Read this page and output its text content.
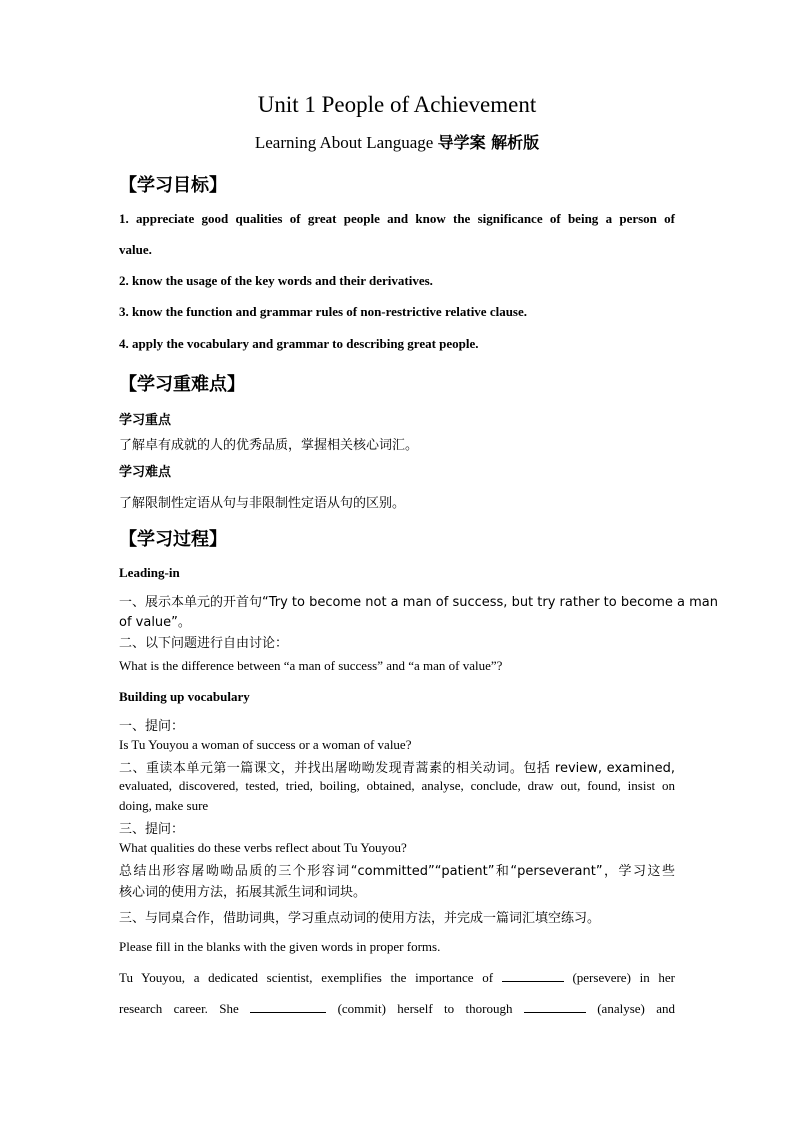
Unit 1 People of Achievement
Learning About Language 导学案 解析版
【学习目标】
1. appreciate good qualities of great people and know the significance of being a person of
value.
2. know the usage of the key words and their derivatives.
3. know the function and grammar rules of non-restrictive relative clause.
4. apply the vocabulary and grammar to describing great people.
【学习重难点】
学习重点
了解卓有成就的人的优秀品质，掌握相关核心词汇。
学习难点
了解限制性定语从句与非限制性定语从句的区别。
【学习过程】
Leading-in
一、展示本单元的开首句“Try to become not a man of success, but try rather to become a man
of value”。
二、以下问题进行自由讨论：
What is the difference between “a man of success” and “a man of value”?
Building up vocabulary
一、提问：
Is Tu Youyou a woman of success or a woman of value?
二、重读本单元第一篇课文，并找出屠呦呦发现青蒿素的相关动词。包括 review, examined,
evaluated, discovered, tested, tried, boiling, obtained, analyse, conclude, draw out, found, insist on
doing, make sure
三、提问：
What qualities do these verbs reflect about Tu Youyou?
总结出形容屠呦呦品质的三个形容词“committed”“patient”和“perseverant”，学习这些
核心词的使用方法，拓展其派生词和词块。
三、与同桌合作，借助词典，学习重点动词的使用方法，并完成一篇词汇填空练习。
Please fill in the blanks with the given words in proper forms.
Tu Youyou, a dedicated scientist, exemplifies the importance of	(persevere) in her
research career. She	(commit) herself to thorough	(analyse) and
